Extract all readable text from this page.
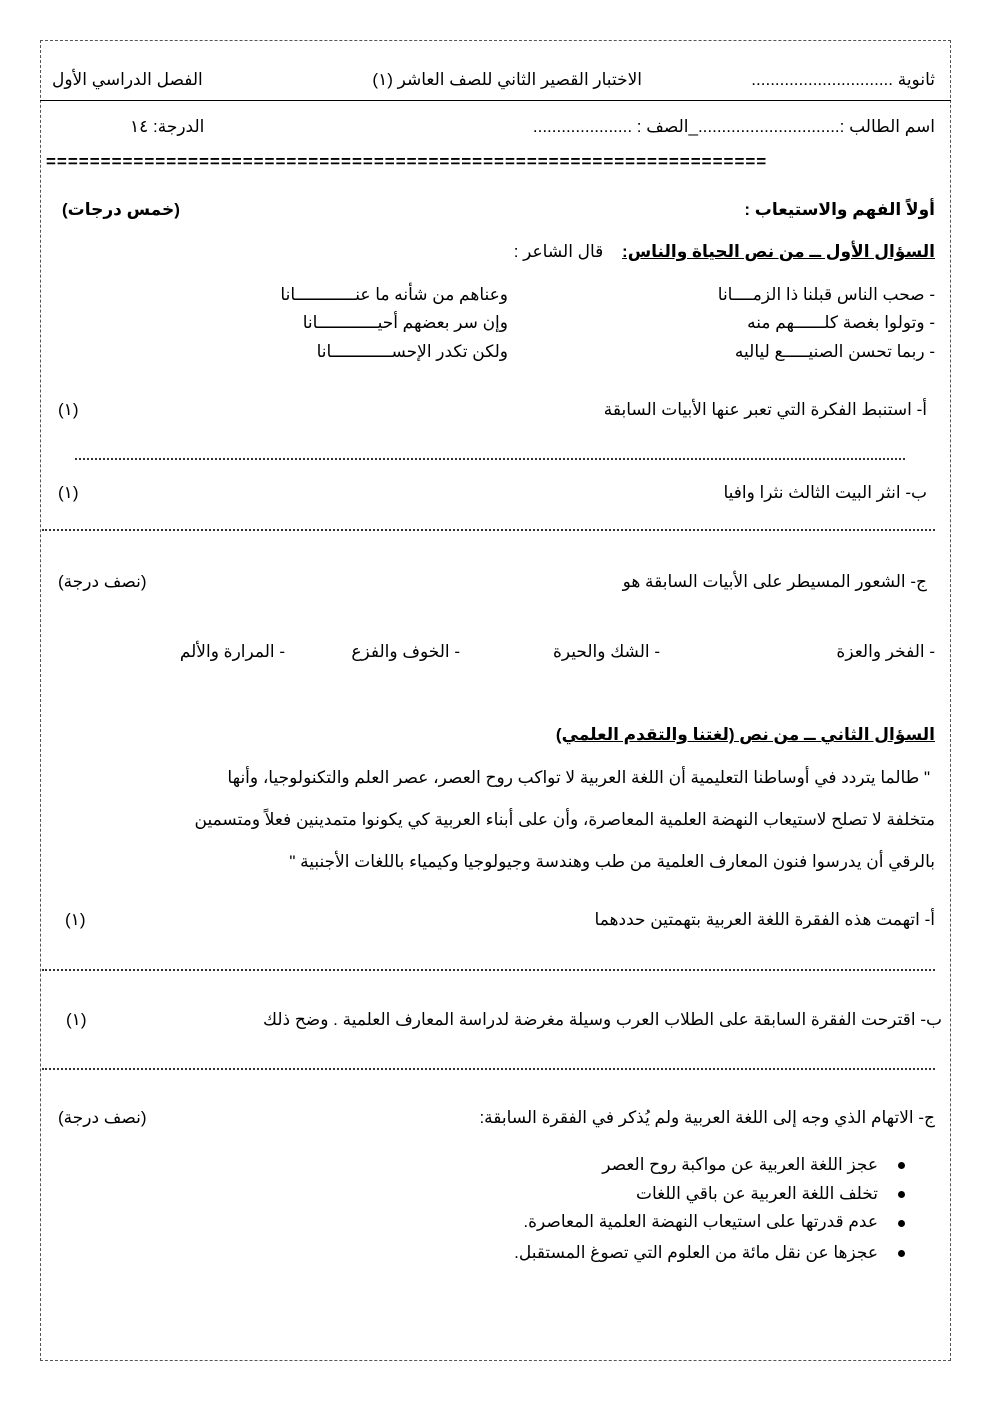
ثانوية ..............................
الاختبار القصير الثاني للصف العاشر (١)
الفصل الدراسي الأول
اسم الطالب :.............................._الصف : .....................
الدرجة: ١٤
==================================================================
أولاً الفهم والاستيعاب :
(خمس درجات)
السؤال الأول ــ من نص الحياة والناس: قال الشاعر :
- صحب الناس قبلنا ذا الزمــــانا
وعناهم من شأنه ما عنــــــــــــانا
- وتولوا بغصة كلــــــهم منه
وإن سر بعضهم أحيــــــــــــانا
- ربما تحسن الصنيـــــع لياليه
ولكن تكدر الإحســــــــــــانا
أ- استنبط الفكرة التي تعبر عنها الأبيات السابقة
(١)
ب- انثر البيت الثالث نثرا وافيا
(١)
ج- الشعور المسيطر على الأبيات السابقة هو
(نصف درجة)
- الفخر والعزة
- الشك والحيرة
- الخوف والفزع
- المرارة والألم
السؤال الثاني ــ من نص (لغتنا والتقدم العلمي)
" طالما يتردد في أوساطنا التعليمية أن اللغة العربية لا تواكب روح العصر، عصر العلم والتكنولوجيا، وأنها
متخلفة لا تصلح لاستيعاب النهضة العلمية المعاصرة، وأن على أبناء العربية كي يكونوا متمدينين فعلاً ومتسمين
بالرقي أن يدرسوا فنون المعارف العلمية من طب وهندسة وجيولوجيا وكيمياء باللغات الأجنبية "
أ- اتهمت هذه الفقرة اللغة العربية بتهمتين حددهما
(١)
ب- اقترحت الفقرة السابقة على الطلاب العرب وسيلة مغرضة لدراسة المعارف العلمية . وضح ذلك
(١)
ج- الاتهام الذي وجه إلى اللغة العربية ولم يُذكر في الفقرة السابقة:
(نصف درجة)
عجز اللغة العربية عن مواكبة روح العصر
تخلف اللغة العربية عن باقي اللغات
عدم قدرتها على استيعاب النهضة العلمية المعاصرة.
عجزها عن نقل مائة من العلوم التي تصوغ المستقبل.
